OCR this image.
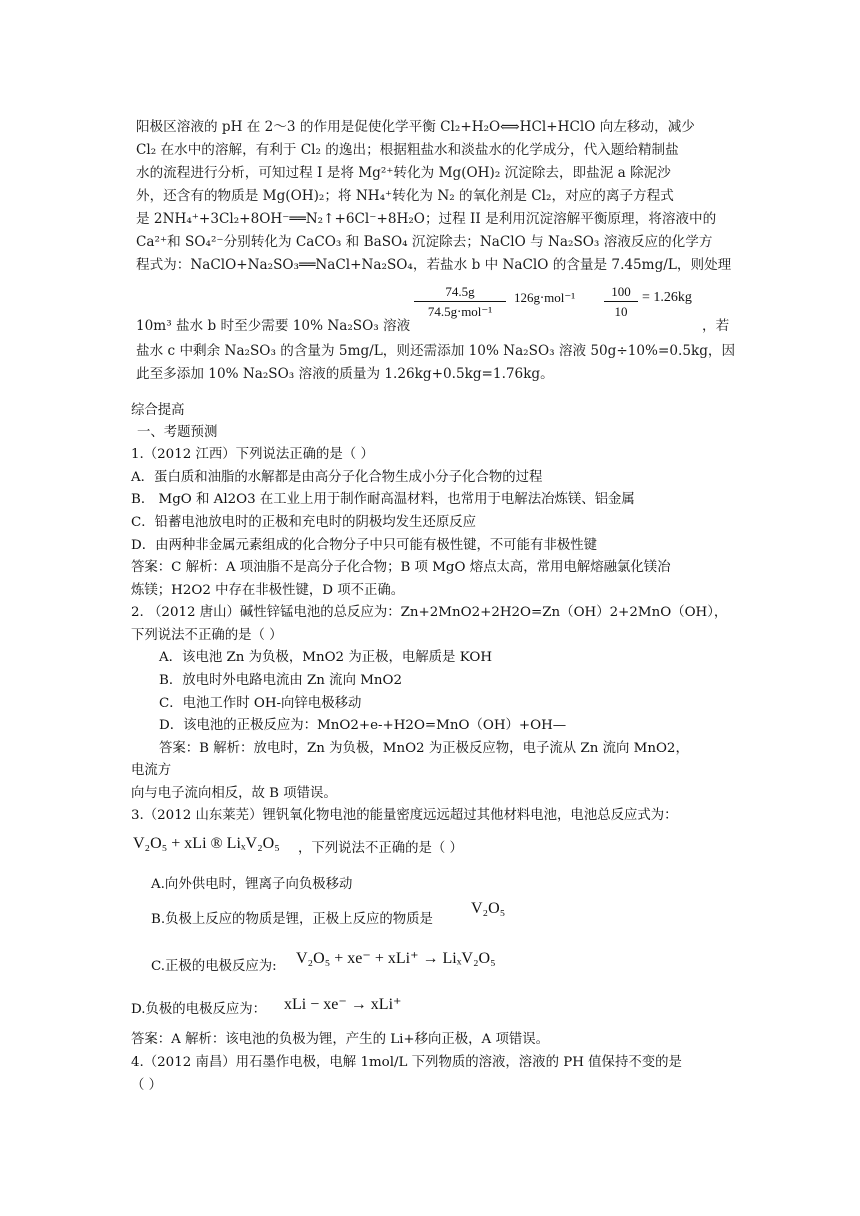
阳极区溶液的 pH 在 2～3 的作用是促使化学平衡 Cl₂+H₂O⟺HCl+HClO 向左移动，减少
Cl₂ 在水中的溶解，有利于 Cl₂ 的逸出；根据粗盐水和淡盐水的化学成分，代入题给精制盐
水的流程进行分析，可知过程 I 是将 Mg²⁺转化为 Mg(OH)₂ 沉淀除去，即盐泥 a 除泥沙
外，还含有的物质是 Mg(OH)₂；将 NH₄⁺转化为 N₂ 的氧化剂是 Cl₂，对应的离子方程式
是 2NH₄⁺+3Cl₂+8OH⁻══N₂↑+6Cl⁻+8H₂O；过程 II 是利用沉淀溶解平衡原理，将溶液中的
Ca²⁺和 SO₄²⁻分别转化为 CaCO₃ 和 BaSO₄ 沉淀除去；NaClO 与 Na₂SO₃ 溶液反应的化学方
程式为：NaClO+Na₂SO₃══NaCl+Na₂SO₄，若盐水 b 中 NaClO 的含量是 7.45mg/L，则处理
10m³ 盐水 b 时至少需要 10% Na₂SO₃ 溶液
74.5g
74.5g⋅mol⁻¹
$126g\cdot mol^{-1} \frac{100}{10} = 1.26kg$
，若
盐水 c 中剩余 Na₂SO₃ 的含量为 5mg/L，则还需添加 10% Na₂SO₃ 溶液 50g÷10%=0.5kg，因
此至多添加 10% Na₂SO₃ 溶液的质量为 1.26kg+0.5kg=1.76kg。
综合提高
一、考题预测
1.（2012 江西）下列说法正确的是（ ）
A．蛋白质和油脂的水解都是由高分子化合物生成小分子化合物的过程
B． MgO 和 Al2O3 在工业上用于制作耐高温材料，也常用于电解法冶炼镁、铝金属
C．铅蓄电池放电时的正极和充电时的阴极均发生还原反应
D．由两种非金属元素组成的化合物分子中只可能有极性键，不可能有非极性键
答案：C 解析：A 项油脂不是高分子化合物；B 项 MgO 熔点太高，常用电解熔融氯化镁冶
炼镁；H2O2 中存在非极性键，D 项不正确。
2. （2012 唐山）碱性锌锰电池的总反应为：Zn+2MnO2+2H2O=Zn（OH）2+2MnO（OH），
下列说法不正确的是（ ）
A．该电池 Zn 为负极，MnO2 为正极，电解质是 KOH
B．放电时外电路电流由 Zn 流向 MnO2
C．电池工作时 OH-向锌电极移动
D．该电池的正极反应为：MnO2+e-+H2O=MnO（OH）+OH—
答案：B 解析：放电时，Zn 为负极，MnO2 为正极反应物，电子流从 Zn 流向 MnO2，
电流方
向与电子流向相反，故 B 项错误。
3.（2012 山东莱芜）锂钒氧化物电池的能量密度远远超过其他材料电池，电池总反应式为：
V₂O₅ + xLi ® LiₓV₂O₅ ，下列说法不正确的是（ ）
A.向外供电时，锂离子向负极移动
B.负极上反应的物质是锂，正极上反应的物质是
V₂O₅
C.正极的电极反应为: V₂O₅ + xe⁻ + xLi⁺ → LiₓV₂O₅
D.负极的电极反应为： xLi − xe⁻ → xLi⁺
答案：A 解析：该电池的负极为锂，产生的 Li+移向正极，A 项错误。
4.（2012 南昌）用石墨作电极，电解 1mol/L 下列物质的溶液，溶液的 PH 值保持不变的是
（ ）
